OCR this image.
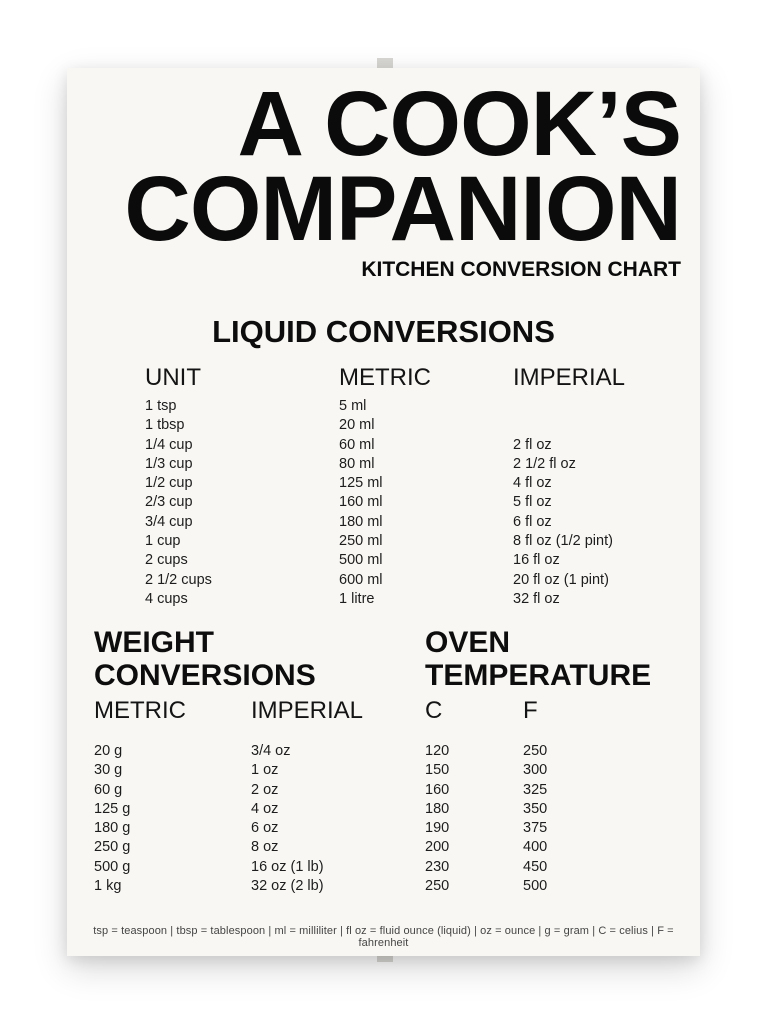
A COOK’S
COMPANION
KITCHEN CONVERSION CHART
LIQUID CONVERSIONS
UNIT	METRIC	IMPERIAL
1 tsp	5 ml
1 tbsp	20 ml
1/4 cup	60 ml	2 fl oz
1/3 cup	80 ml	2 1/2 fl oz
1/2 cup	125 ml	4 fl oz
2/3 cup	160 ml	5 fl oz
3/4 cup	180 ml	6 fl oz
1 cup	250 ml	8 fl oz (1/2 pint)
2 cups	500 ml	16 fl oz
2 1/2 cups	600 ml	20 fl oz (1 pint)
4 cups	1 litre	32 fl oz
WEIGHT CONVERSIONS
OVEN TEMPERATURE
METRIC	IMPERIAL
20 g	3/4 oz
30 g	1 oz
60 g	2 oz
125 g	4 oz
180 g	6 oz
250 g	8 oz
500 g	16 oz (1 lb)
1 kg	32 oz (2 lb)
C	F
120	250
150	300
160	325
180	350
190	375
200	400
230	450
250	500
tsp = teaspoon | tbsp = tablespoon | ml = milliliter | fl oz = fluid ounce (liquid) | oz = ounce | g = gram | C = celius | F = fahrenheit
